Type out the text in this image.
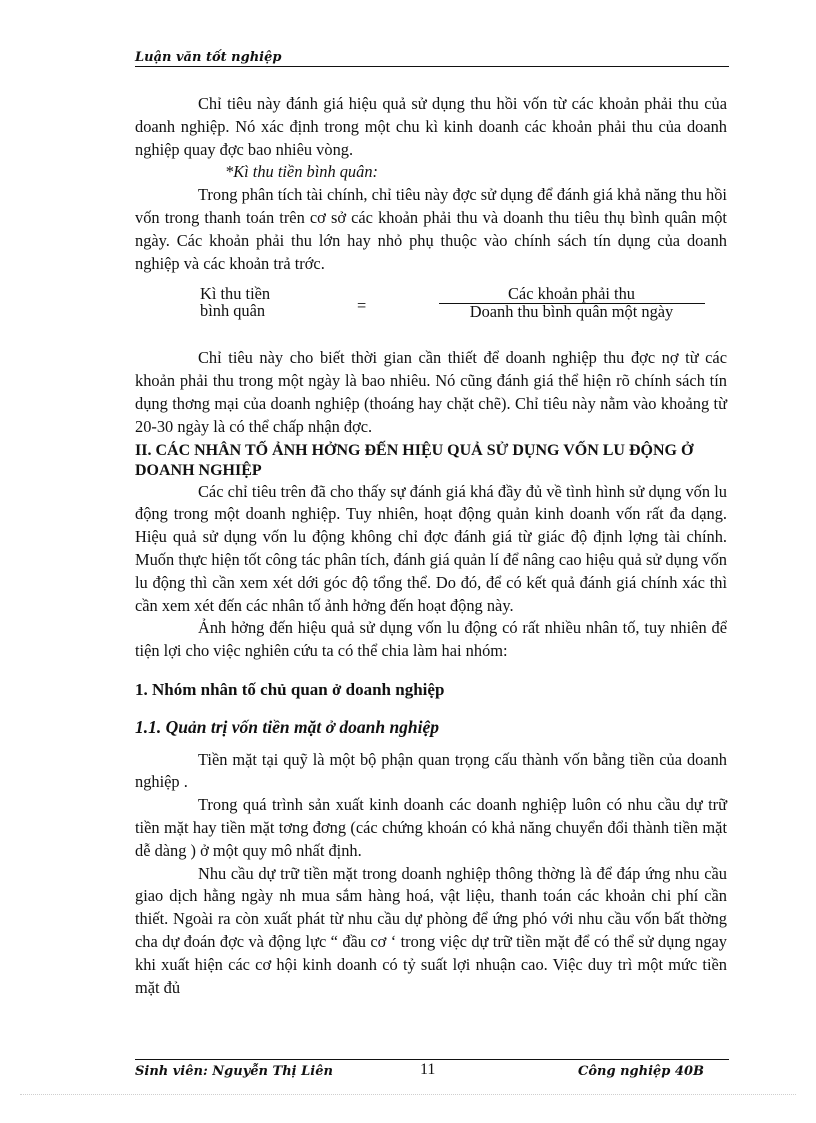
Luận văn tốt nghiệp

Chỉ tiêu này đánh giá hiệu quả sử dụng thu hồi vốn từ các khoản phải thu của doanh nghiệp. Nó xác định trong một chu kì kinh doanh các khoản phải thu của doanh nghiệp quay đợc bao nhiêu vòng.

*Kì thu tiền bình quân:

Trong phân tích tài chính, chỉ tiêu này đợc sử dụng để đánh giá khả năng thu hồi vốn trong thanh toán trên cơ sở các khoản phải thu và doanh thu tiêu thụ bình quân một ngày. Các khoản phải thu lớn hay nhỏ phụ thuộc vào chính sách tín dụng của doanh nghiệp và các khoản trả trớc.

Kì thu tiền
bình quân	=
Các khoản phải thu
Doanh thu bình quân một ngày

Chỉ tiêu này cho biết thời gian cần thiết để doanh nghiệp thu đợc nợ từ các khoản phải thu trong một ngày là bao nhiêu. Nó cũng đánh giá thể hiện rõ chính sách tín dụng thơng mại của doanh nghiệp (thoáng hay chặt chẽ). Chỉ tiêu này nằm vào khoảng từ 20-30 ngày là có thể chấp nhận đợc.

II. CÁC NHÂN TỐ ẢNH HỞNG ĐẾN HIỆU QUẢ SỬ DỤNG VỐN LU ĐỘNG Ở DOANH NGHIỆP

Các chỉ tiêu trên đã cho thấy sự đánh giá khá đầy đủ về tình hình sử dụng vốn lu động trong một doanh nghiệp. Tuy nhiên, hoạt động quản kinh doanh vốn rất đa dạng. Hiệu quả sử dụng vốn lu động không chỉ đợc đánh giá từ giác độ định lợng tài chính. Muốn thực hiện tốt công tác phân tích, đánh giá quản lí để nâng cao hiệu quả sử dụng vốn lu động thì cần xem xét dới góc độ tổng thể. Do đó, để có kết quả đánh giá chính xác thì cần xem xét đến các nhân tố ảnh hởng đến hoạt động này.

Ảnh hởng đến hiệu quả sử dụng vốn lu động có rất nhiều nhân tố, tuy nhiên để tiện lợi cho việc nghiên cứu ta có thể chia làm hai nhóm:

1. Nhóm nhân tố chủ quan ở doanh nghiệp
1.1. Quản trị vốn tiền mặt ở doanh nghiệp

Tiền mặt tại quỹ là một bộ phận quan trọng cấu thành vốn bằng tiền của doanh nghiệp .

Trong quá trình sản xuất kinh doanh các doanh nghiệp luôn có nhu cầu dự trữ tiền mặt hay tiền mặt tơng đơng (các chứng khoán có khả năng chuyển đổi thành tiền mặt dễ dàng ) ở một quy mô nhất định.

Nhu cầu dự trữ tiền mặt trong doanh nghiệp thông thờng là để đáp ứng nhu cầu giao dịch hằng ngày nh mua sắm hàng hoá, vật liệu, thanh toán các khoản chi phí cần thiết. Ngoài ra còn xuất phát từ nhu cầu dự phòng để ứng phó với nhu cầu vốn bất thờng cha dự đoán đợc và động lực “ đầu cơ ‘ trong việc dự trữ tiền mặt để có thể sử dụng ngay khi xuất hiện các cơ hội kinh doanh có tỷ suất lợi nhuận cao. Việc duy trì một mức tiền mặt đủ

Sinh viên: Nguyễn Thị Liên	11	Công nghiệp 40B
